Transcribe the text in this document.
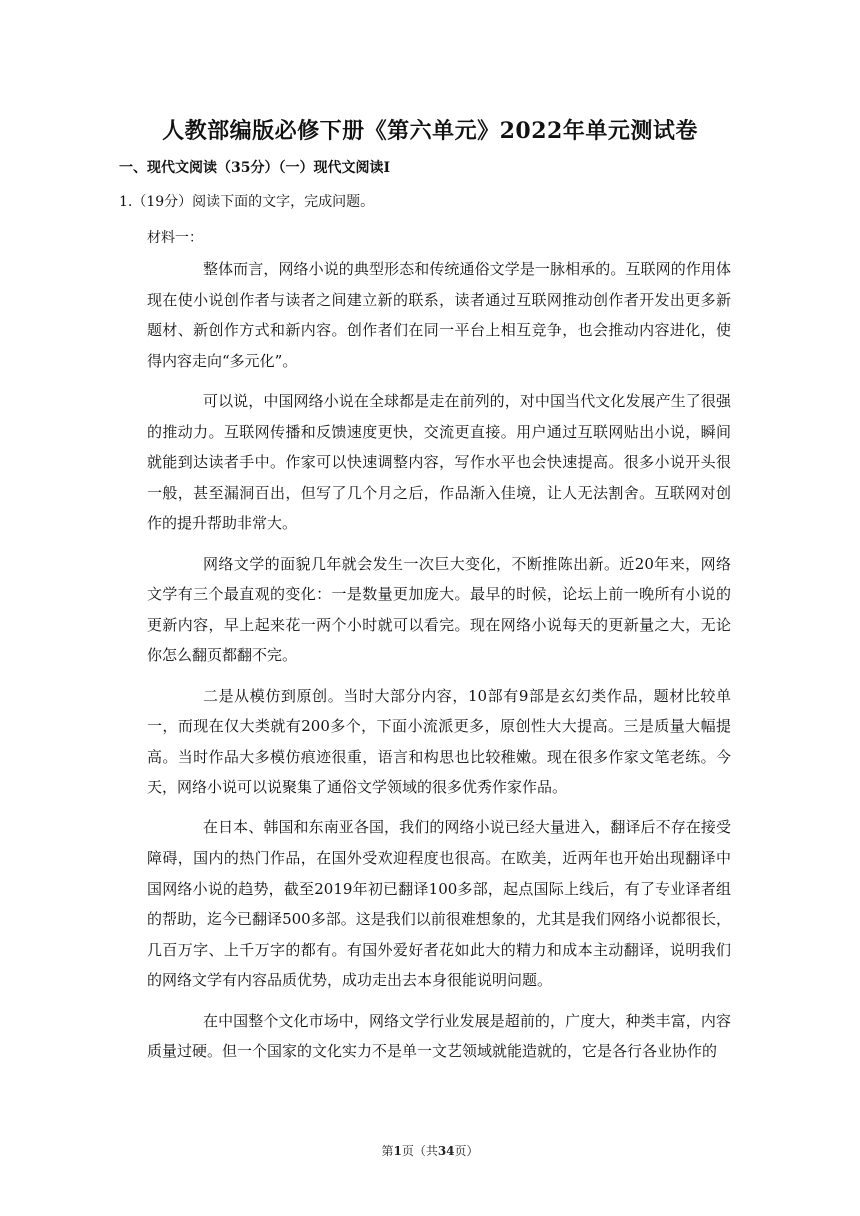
人教部编版必修下册《第六单元》2022年单元测试卷
一、现代文阅读（35分）（一）现代文阅读Ⅰ
1.（19分）阅读下面的文字，完成问题。
材料一：

整体而言，网络小说的典型形态和传统通俗文学是一脉相承的。互联网的作用体现在使小说创作者与读者之间建立新的联系，读者通过互联网推动创作者开发出更多新题材、新创作方式和新内容。创作者们在同一平台上相互竞争，也会推动内容进化，使得内容走向“多元化”。

可以说，中国网络小说在全球都是走在前列的，对中国当代文化发展产生了很强的推动力。互联网传播和反馈速度更快，交流更直接。用户通过互联网贴出小说，瞬间就能到达读者手中。作家可以快速调整内容，写作水平也会快速提高。很多小说开头很一般，甚至漏洞百出，但写了几个月之后，作品渐入佳境，让人无法割舍。互联网对创作的提升帮助非常大。

网络文学的面貌几年就会发生一次巨大变化，不断推陈出新。近20年来，网络文学有三个最直观的变化：一是数量更加庞大。最早的时候，论坛上前一晚所有小说的更新内容，早上起来花一两个小时就可以看完。现在网络小说每天的更新量之大，无论你怎么翻页都翻不完。

二是从模仿到原创。当时大部分内容，10部有9部是玄幻类作品，题材比较单一，而现在仅大类就有200多个，下面小流派更多，原创性大大提高。三是质量大幅提高。当时作品大多模仿痕迹很重，语言和构思也比较稚嫩。现在很多作家文笔老练。今天，网络小说可以说聚集了通俗文学领域的很多优秀作家作品。

在日本、韩国和东南亚各国，我们的网络小说已经大量进入，翻译后不存在接受障碍，国内的热门作品，在国外受欢迎程度也很高。在欧美，近两年也开始出现翻译中国网络小说的趋势，截至2019年初已翻译100多部，起点国际上线后，有了专业译者组的帮助，迄今已翻译500多部。这是我们以前很难想象的，尤其是我们网络小说都很长，几百万字、上千万字的都有。有国外爱好者花如此大的精力和成本主动翻译，说明我们的网络文学有内容品质优势，成功走出去本身很能说明问题。

在中国整个文化市场中，网络文学行业发展是超前的，广度大，种类丰富，内容质量过硬。但一个国家的文化实力不是单一文艺领域就能造就的，它是各行各业协作的

第1页（共34页）
